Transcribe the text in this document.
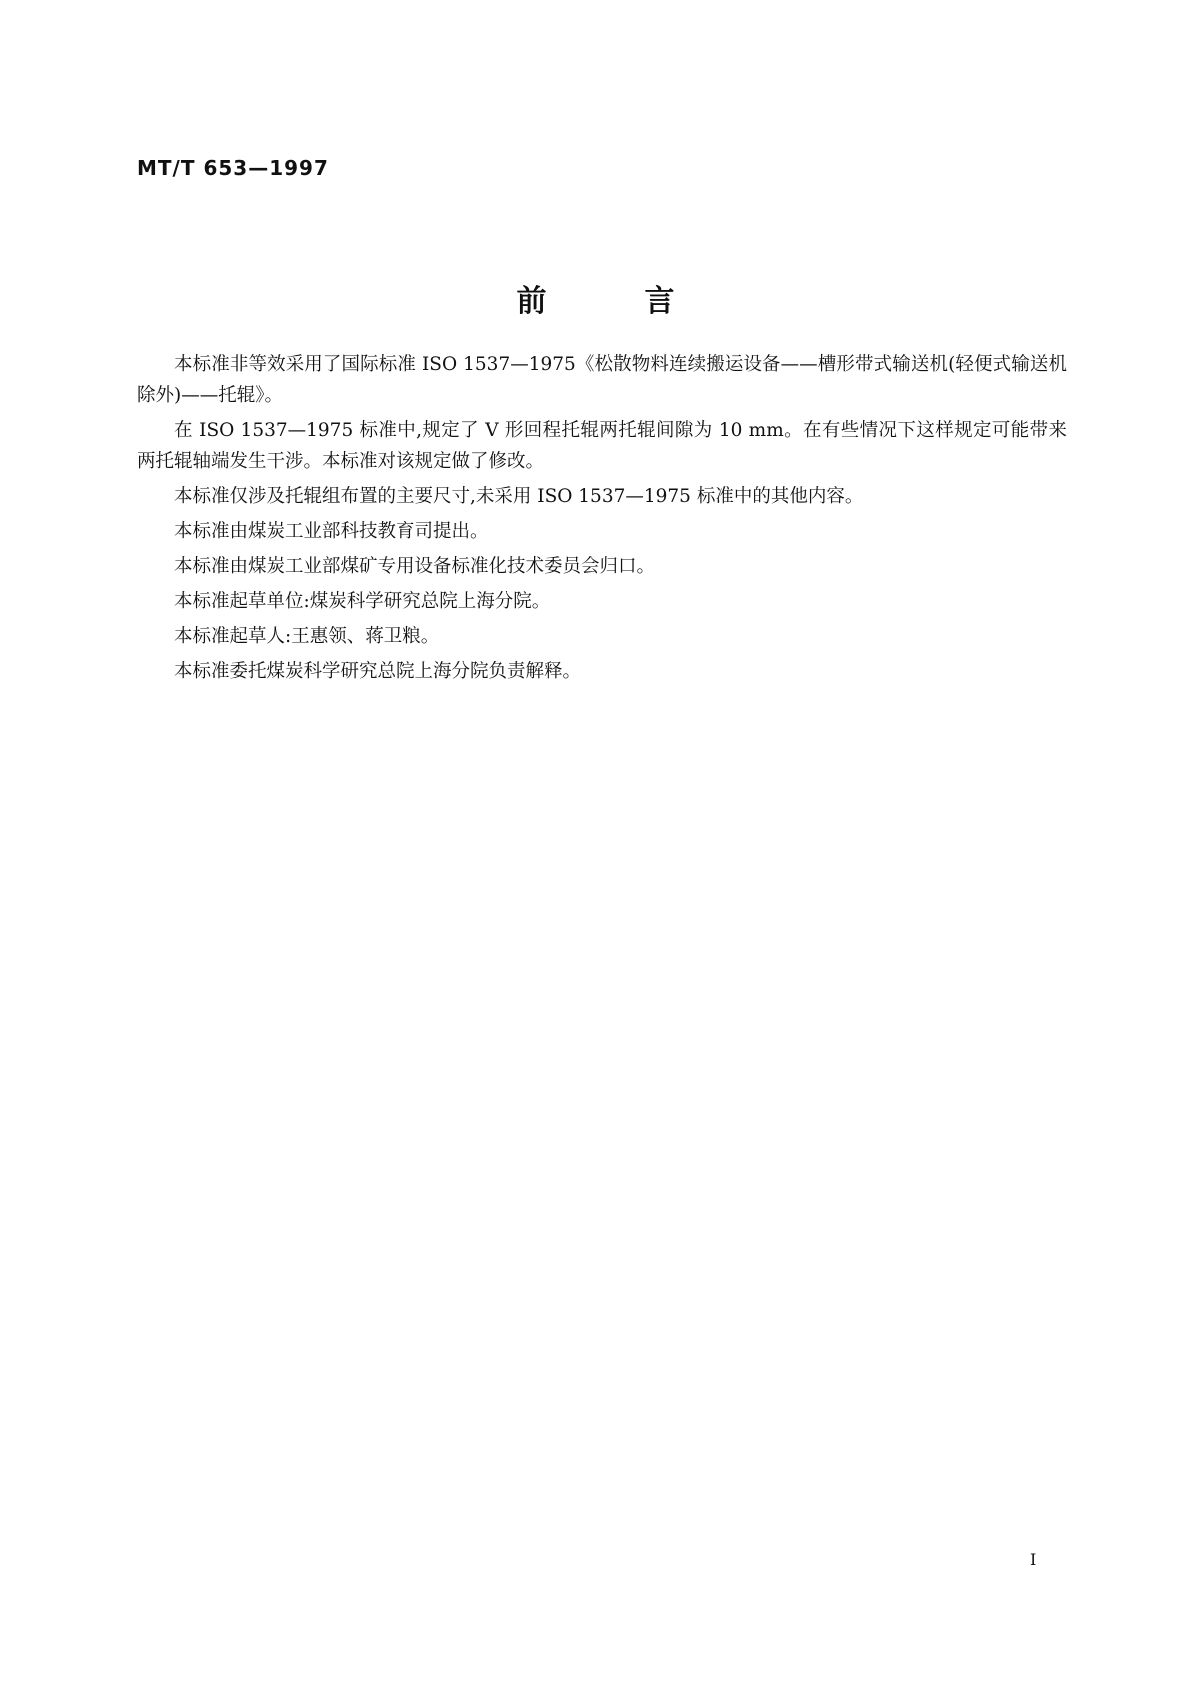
MT/T 653—1997
前	言

本标准非等效采用了国际标准 ISO 1537—1975《松散物料连续搬运设备——槽形带式输送机(轻便式输送机除外)——托辊》。

在 ISO 1537—1975 标准中,规定了 V 形回程托辊两托辊间隙为 10 mm。在有些情况下这样规定可能带来两托辊轴端发生干涉。本标准对该规定做了修改。

本标准仅涉及托辊组布置的主要尺寸,未采用 ISO 1537—1975 标准中的其他内容。

本标准由煤炭工业部科技教育司提出。

本标准由煤炭工业部煤矿专用设备标准化技术委员会归口。

本标准起草单位:煤炭科学研究总院上海分院。

本标准起草人:王惠领、蒋卫粮。

本标准委托煤炭科学研究总院上海分院负责解释。

I
